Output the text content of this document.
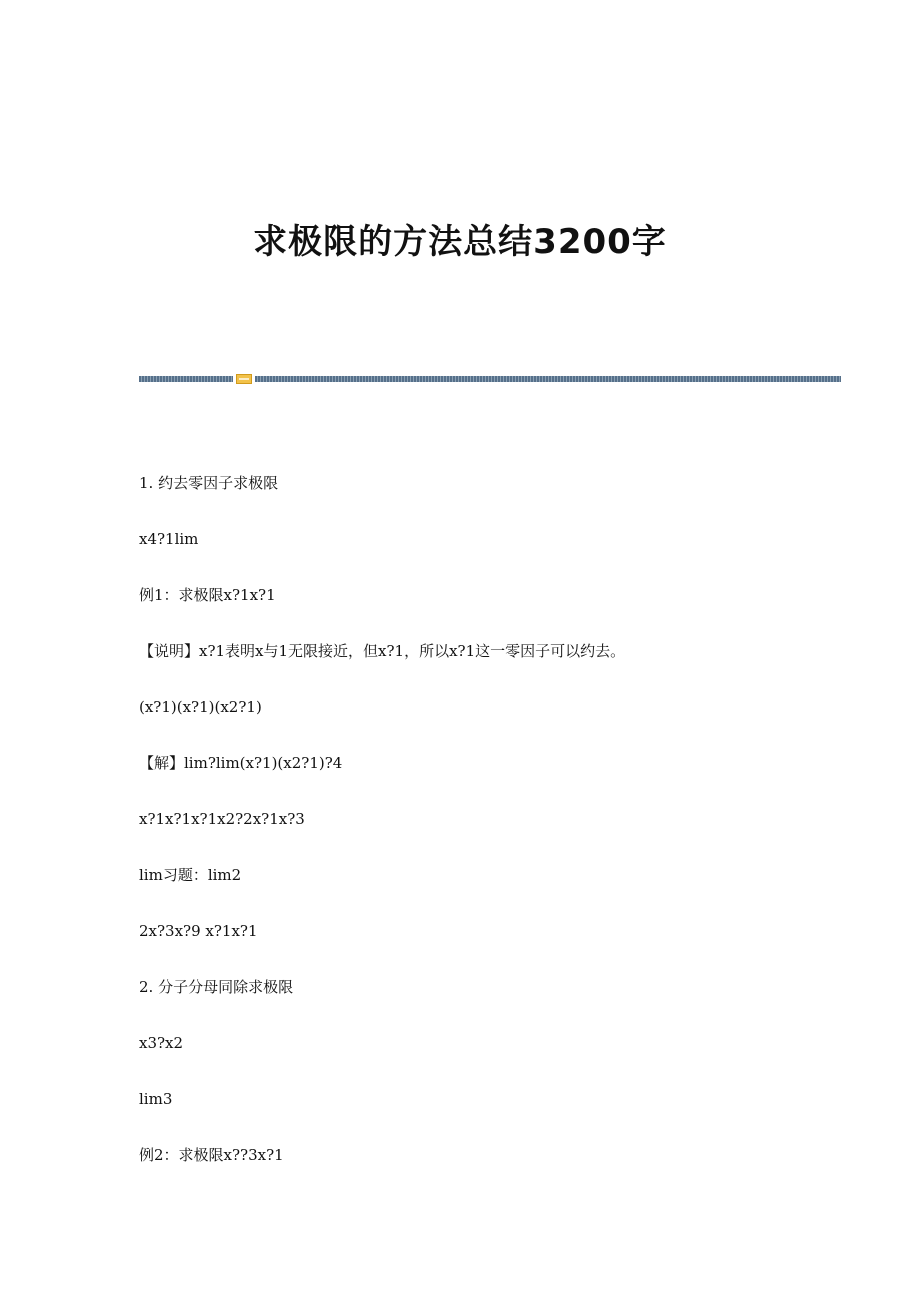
求极限的方法总结3200字
1. 约去零因子求极限
x4?1lim
例1：求极限x?1x?1
【说明】x?1表明x与1无限接近，但x?1，所以x?1这一零因子可以约去。
(x?1)(x?1)(x2?1)
【解】lim?lim(x?1)(x2?1)?4
x?1x?1x?1x2?2x?1x?3
lim习题：lim2
2x?3x?9 x?1x?1
2. 分子分母同除求极限
x3?x2
lim3
例2：求极限x??3x?1
